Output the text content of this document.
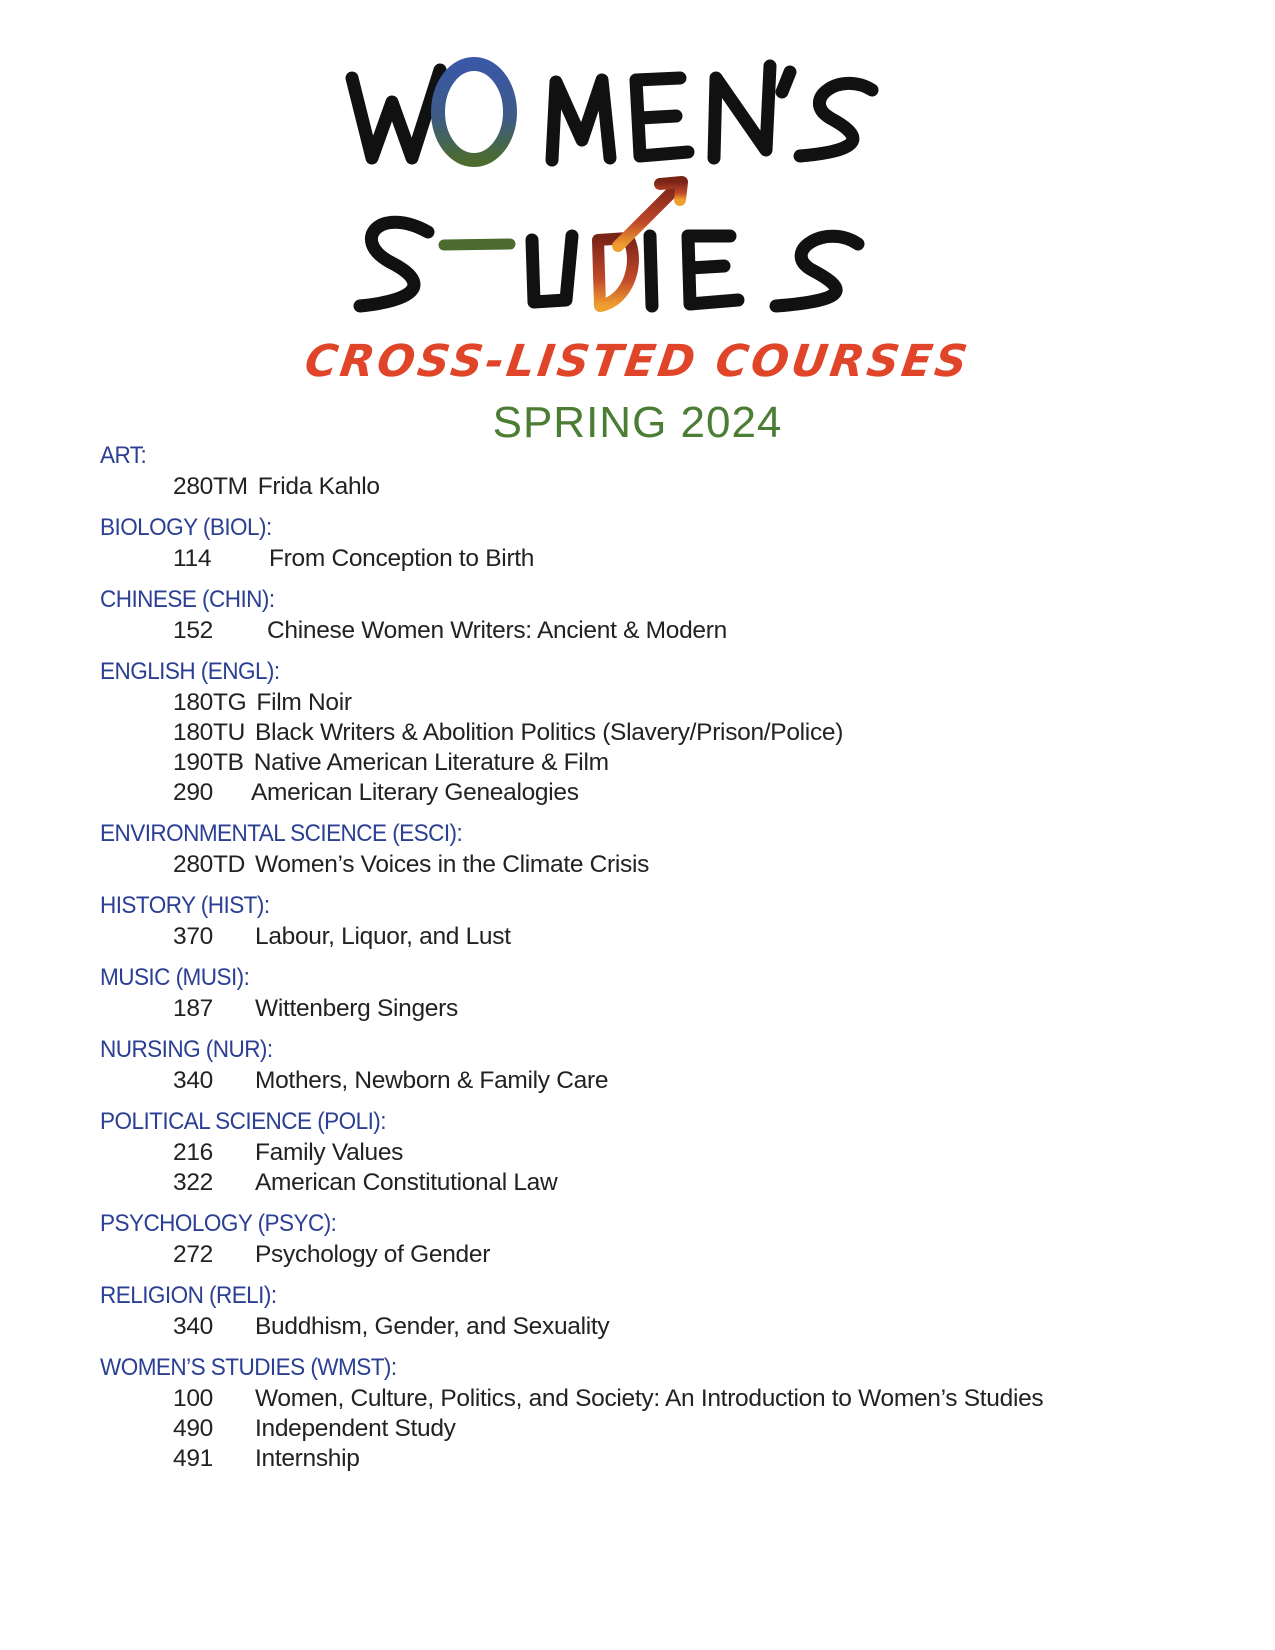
CROSS-LISTED COURSES
SPRING 2024
ART:
280TM Frida Kahlo
BIOLOGY (BIOL):
114	From Conception to Birth
CHINESE (CHIN):
152	Chinese Women Writers: Ancient & Modern
ENGLISH (ENGL):
180TG Film Noir
180TU Black Writers & Abolition Politics (Slavery/Prison/Police)
190TB Native American Literature & Film
290	American Literary Genealogies
ENVIRONMENTAL SCIENCE (ESCI):
280TD Women’s Voices in the Climate Crisis
HISTORY (HIST):
370	Labour, Liquor, and Lust
MUSIC (MUSI):
187	Wittenberg Singers
NURSING (NUR):
340	Mothers, Newborn & Family Care
POLITICAL SCIENCE (POLI):
216	Family Values
322	American Constitutional Law
PSYCHOLOGY (PSYC):
272	Psychology of Gender
RELIGION (RELI):
340	Buddhism, Gender, and Sexuality
WOMEN’S STUDIES (WMST):
100	Women, Culture, Politics, and Society: An Introduction to Women’s Studies
490	Independent Study
491	Internship
